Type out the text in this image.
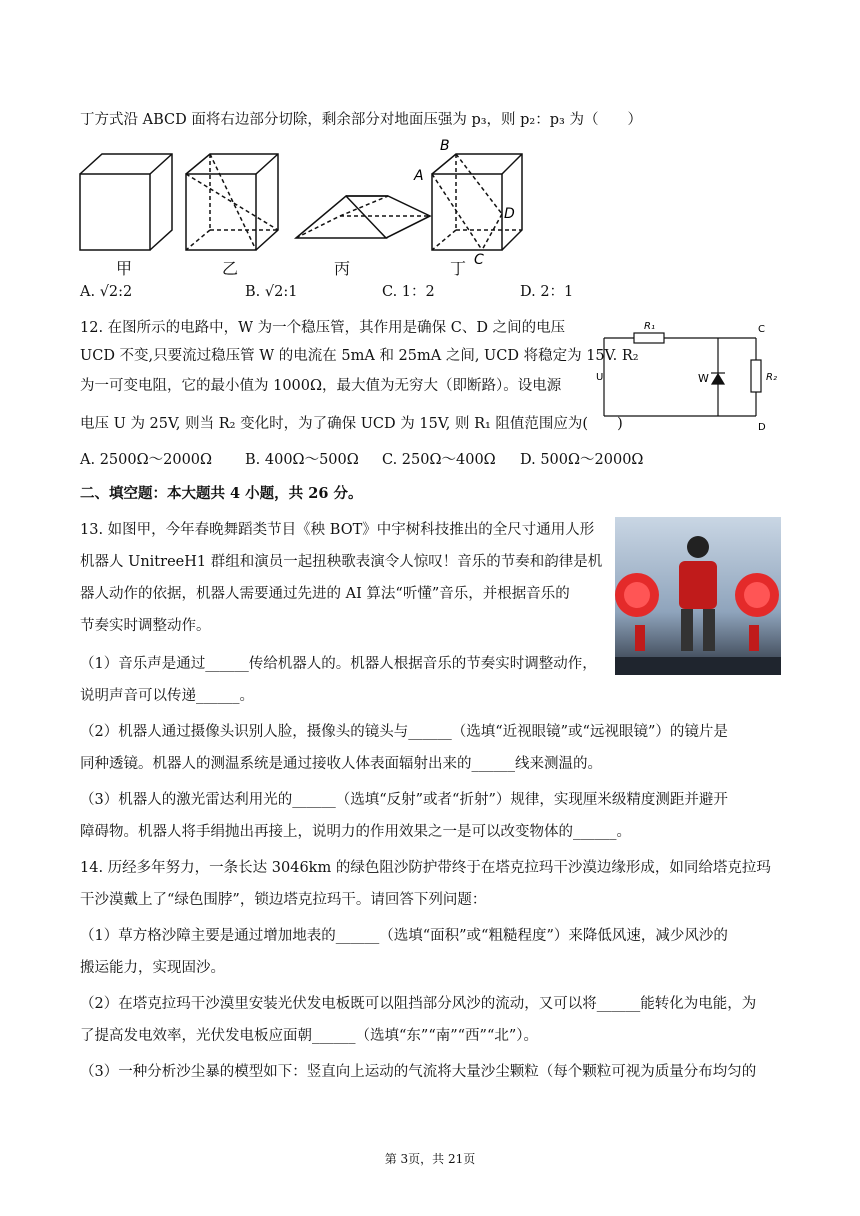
丁方式沿 ABCD 面将右边部分切除，剩余部分对地面压强为 p₃，则 p₂：p₃ 为（　　）
A
B
C
D
甲	乙	丙	丁
A. √2:2	B. √2:1	C. 1：2	D. 2：1
12. 在图所示的电路中，W 为一个稳压管，其作用是确保 C、D 之间的电压
UCD 不变,只要流过稳压管 W 的电流在 5mA 和 25mA 之间, UCD 将稳定为 15V. R₂
为一可变电阻，它的最小值为 1000Ω，最大值为无穷大（即断路）。设电源
电压 U 为 25V, 则当 R₂ 变化时，为了确保 UCD 为 15V, 则 R₁ 阻值范围应为(　　)
R₁
R₂
U	W
C
D
A. 2500Ω～2000Ω B. 400Ω～500Ω C. 250Ω～400Ω D. 500Ω～2000Ω
二、填空题：本大题共 4 小题，共 26 分。
13. 如图甲，今年春晚舞蹈类节目《秧 BOT》中宇树科技推出的全尺寸通用人形
机器人 UnitreeH1 群组和演员一起扭秧歌表演令人惊叹！音乐的节奏和韵律是机
器人动作的依据，机器人需要通过先进的 AI 算法“听懂”音乐，并根据音乐的
节奏实时调整动作。
（1）音乐声是通过______传给机器人的。机器人根据音乐的节奏实时调整动作，
说明声音可以传递______。
（2）机器人通过摄像头识别人脸，摄像头的镜头与______（选填“近视眼镜”或“远视眼镜”）的镜片是
同种透镜。机器人的测温系统是通过接收人体表面辐射出来的______线来测温的。
（3）机器人的激光雷达利用光的______（选填“反射”或者“折射”）规律，实现厘米级精度测距并避开
障碍物。机器人将手绢抛出再接上，说明力的作用效果之一是可以改变物体的______。
14. 历经多年努力，一条长达 3046km 的绿色阻沙防护带终于在塔克拉玛干沙漠边缘形成，如同给塔克拉玛
干沙漠戴上了“绿色围脖”，锁边塔克拉玛干。请回答下列问题：
（1）草方格沙障主要是通过增加地表的______（选填“面积”或“粗糙程度”）来降低风速，减少风沙的
搬运能力，实现固沙。
（2）在塔克拉玛干沙漠里安装光伏发电板既可以阻挡部分风沙的流动，又可以将______能转化为电能，为
了提高发电效率，光伏发电板应面朝______（选填“东”“南”“西”“北”）。
（3）一种分析沙尘暴的模型如下：竖直向上运动的气流将大量沙尘颗粒（每个颗粒可视为质量分布均匀的
第 3页，共 21页
